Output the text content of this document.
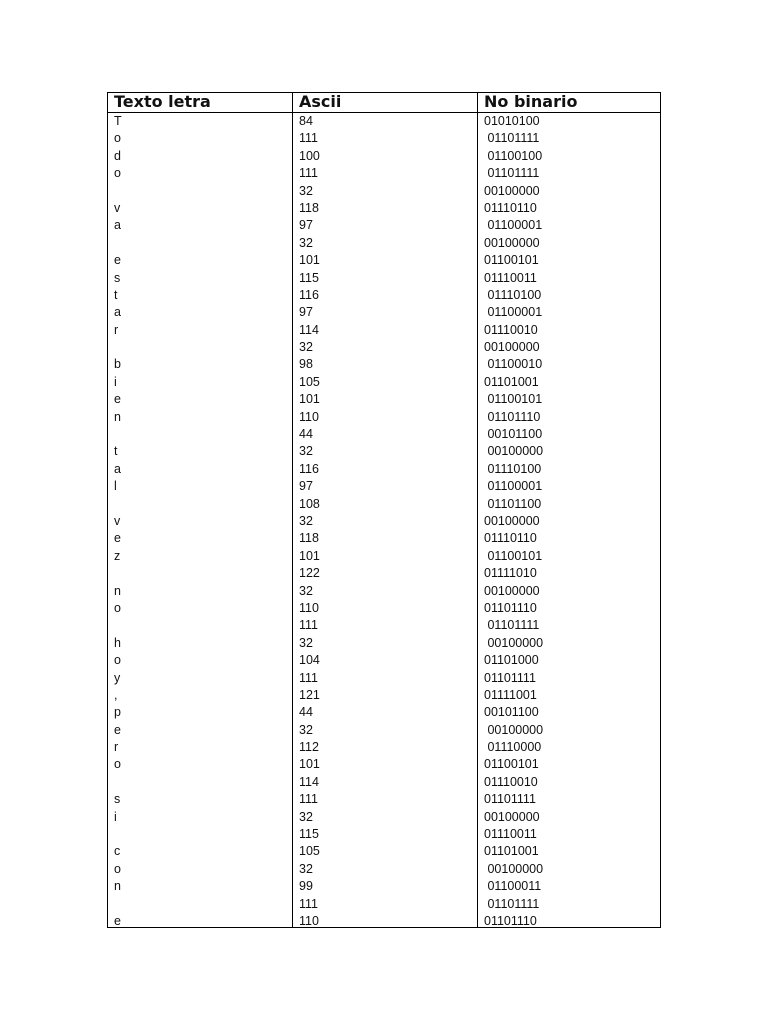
Texto letra	Ascii	No binario
T
o
d
o
v
a
e
s
t
a
r
b
i
e
n
t
a
l
v
e
z
n
o
h
o
y
,
p
e
r
o
s
i
c
o
n
e
84
111
100
111
32
118
97
32
101
115
116
97
114
32
98
105
101
110
44
32
116
97
108
32
118
101
122
32
110
111
32
104
111
121
44
32
112
101
114
111
32
115
105
32
99
111
110
01010100
01101111
01100100
01101111
00100000
01110110
01100001
00100000
01100101
01110011
01110100
01100001
01110010
00100000
01100010
01101001
01100101
01101110
00101100
00100000
01110100
01100001
01101100
00100000
01110110
01100101
01111010
00100000
01101110
01101111
00100000
01101000
01101111
01111001
00101100
00100000
01110000
01100101
01110010
01101111
00100000
01110011
01101001
00100000
01100011
01101111
01101110
